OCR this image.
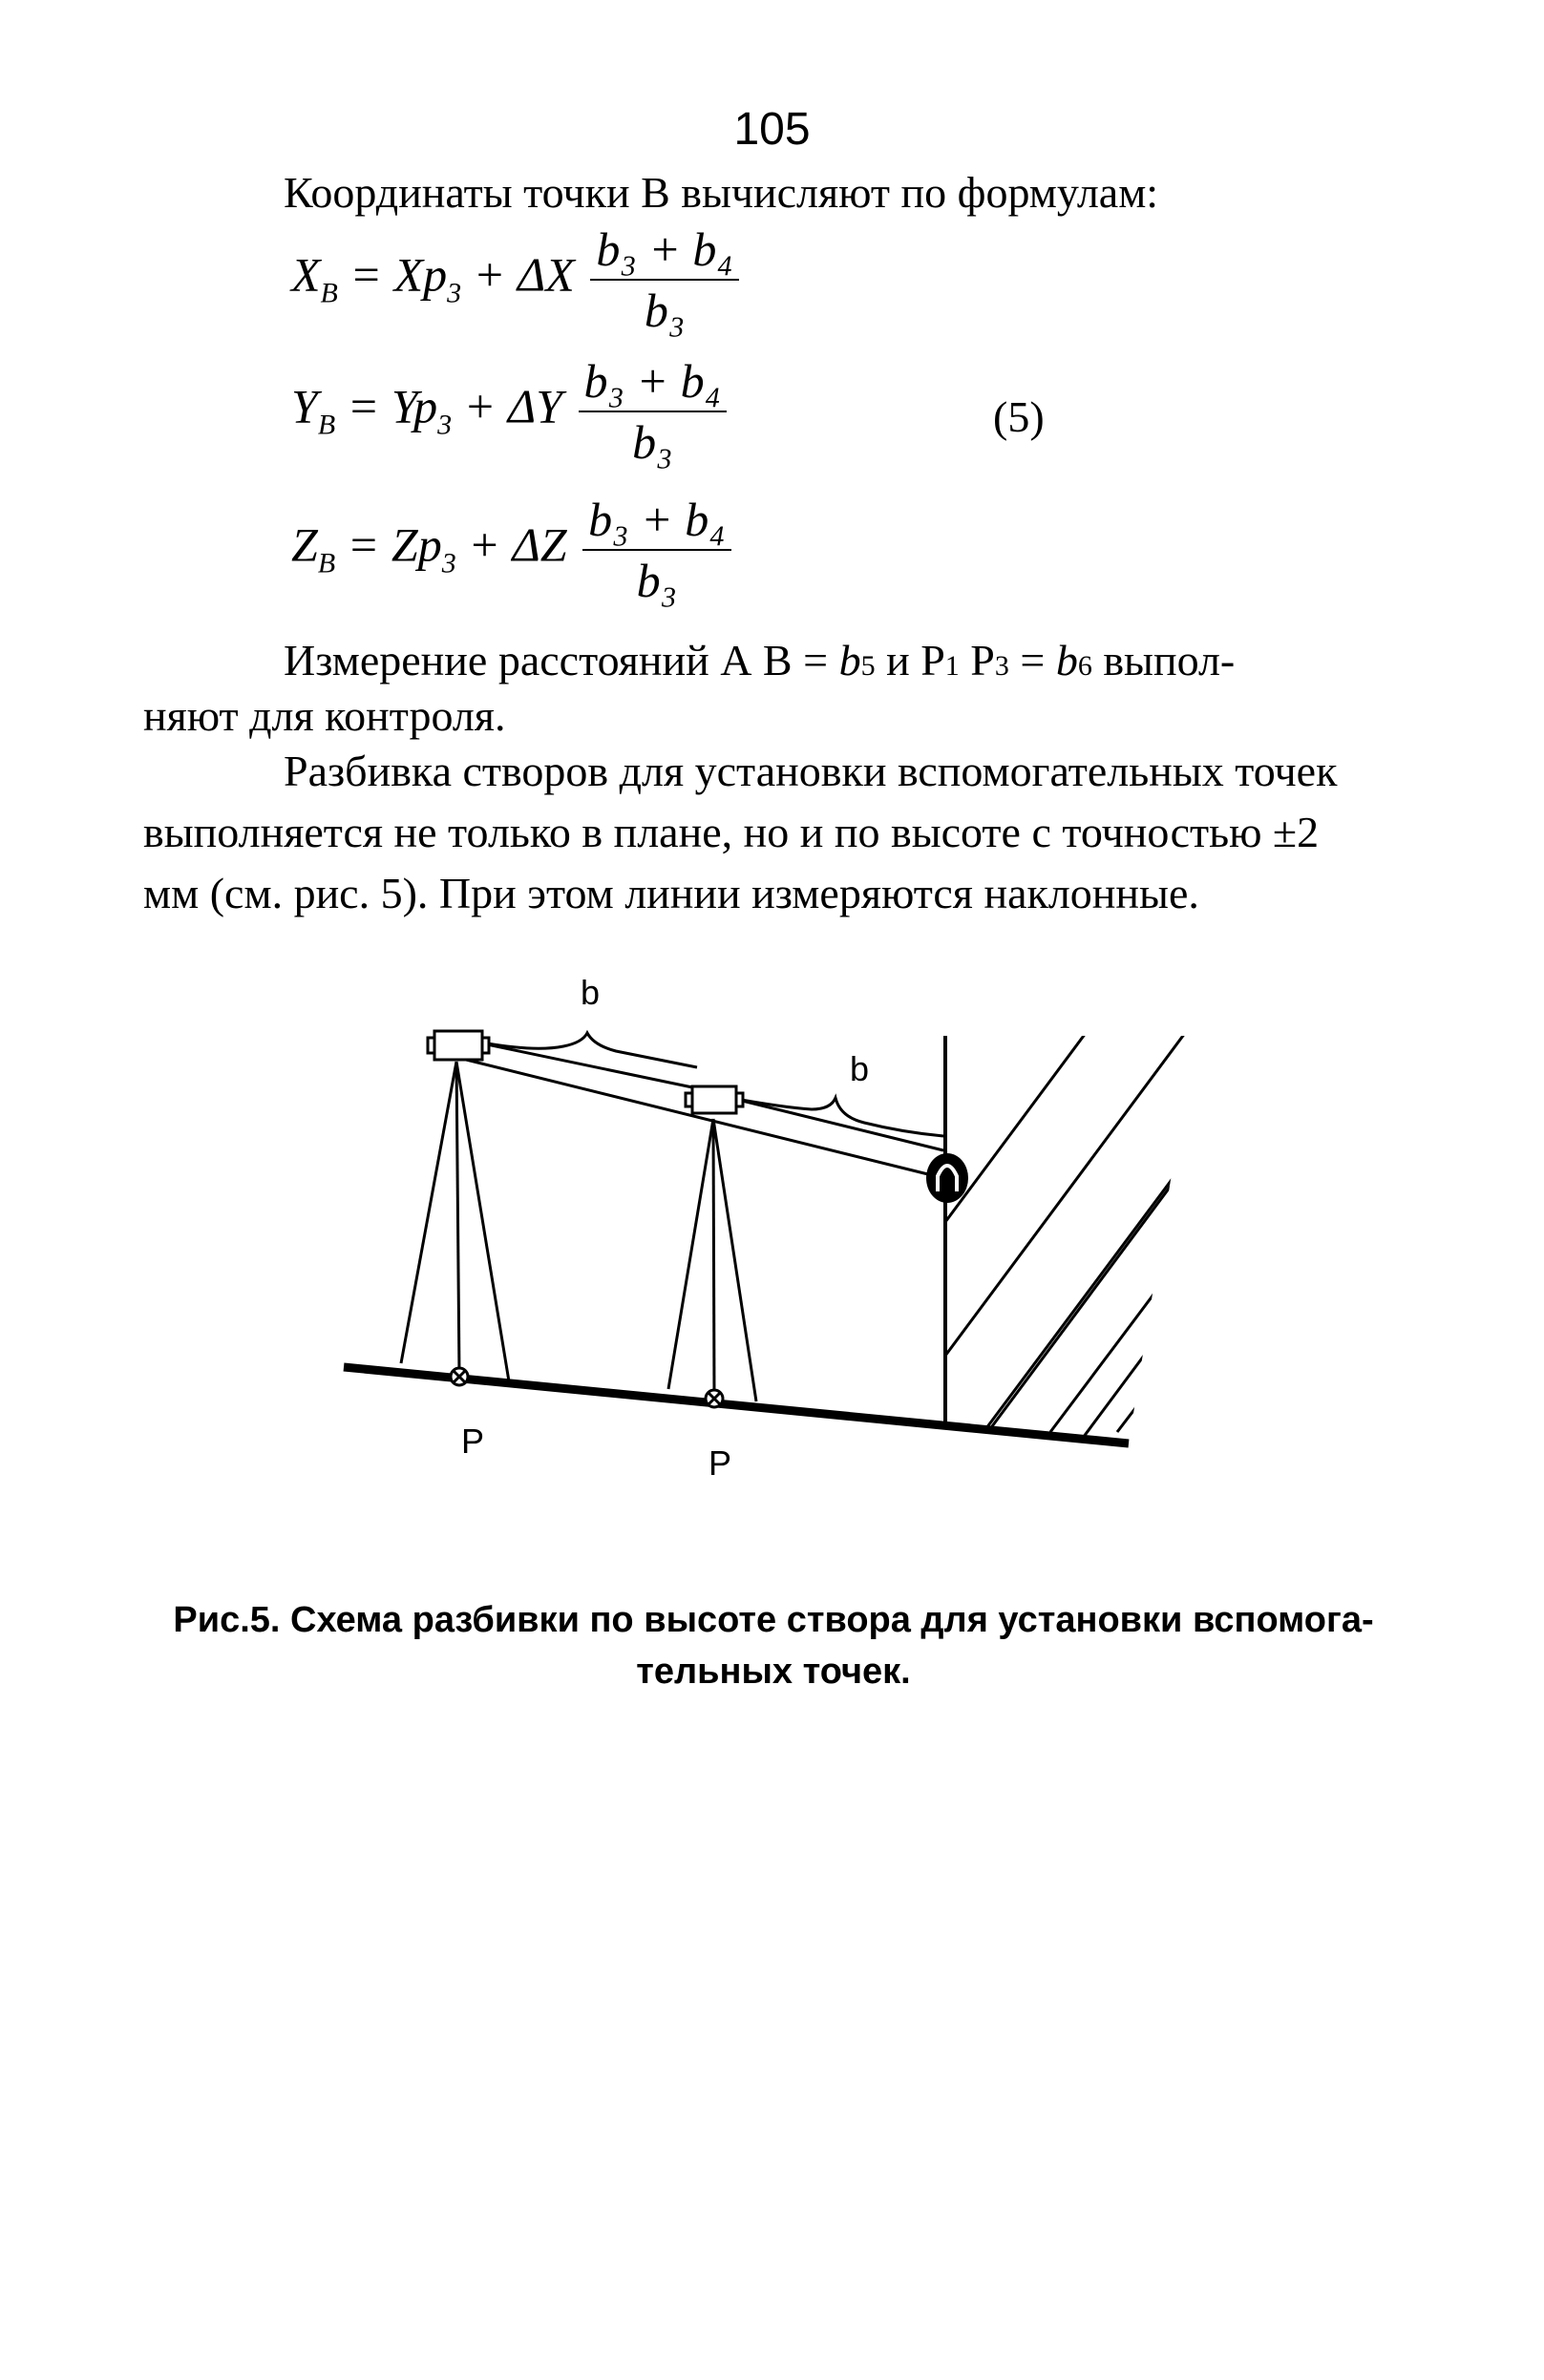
105
Координаты точки В вычисляют по формулам:
$X_B = Xp_3 + \Delta X \frac{\text{b₃ + b₄}}{\text{b₃}}$
$Y_B = Yp_3 + \Delta Y \frac{\text{b₃ + b₄}}{\text{b₃}}$	(5)
$Z_B = Zp_3 + \Delta Z \frac{\text{b₃ + b₄}}{\text{b₃}}$
Измерение расстояний А В = b5 и Р1 Р3 = b6 выпол-
няют для контроля.
Разбивка створов для установки вспомогательных точек
выполняется не только в плане, но и по высоте с точностью ±2
мм (см. рис. 5). При этом линии измеряются наклонные.
b
b
P
P
Рис.5. Схема разбивки по высоте створа для установки вспомога-
тельных точек.
